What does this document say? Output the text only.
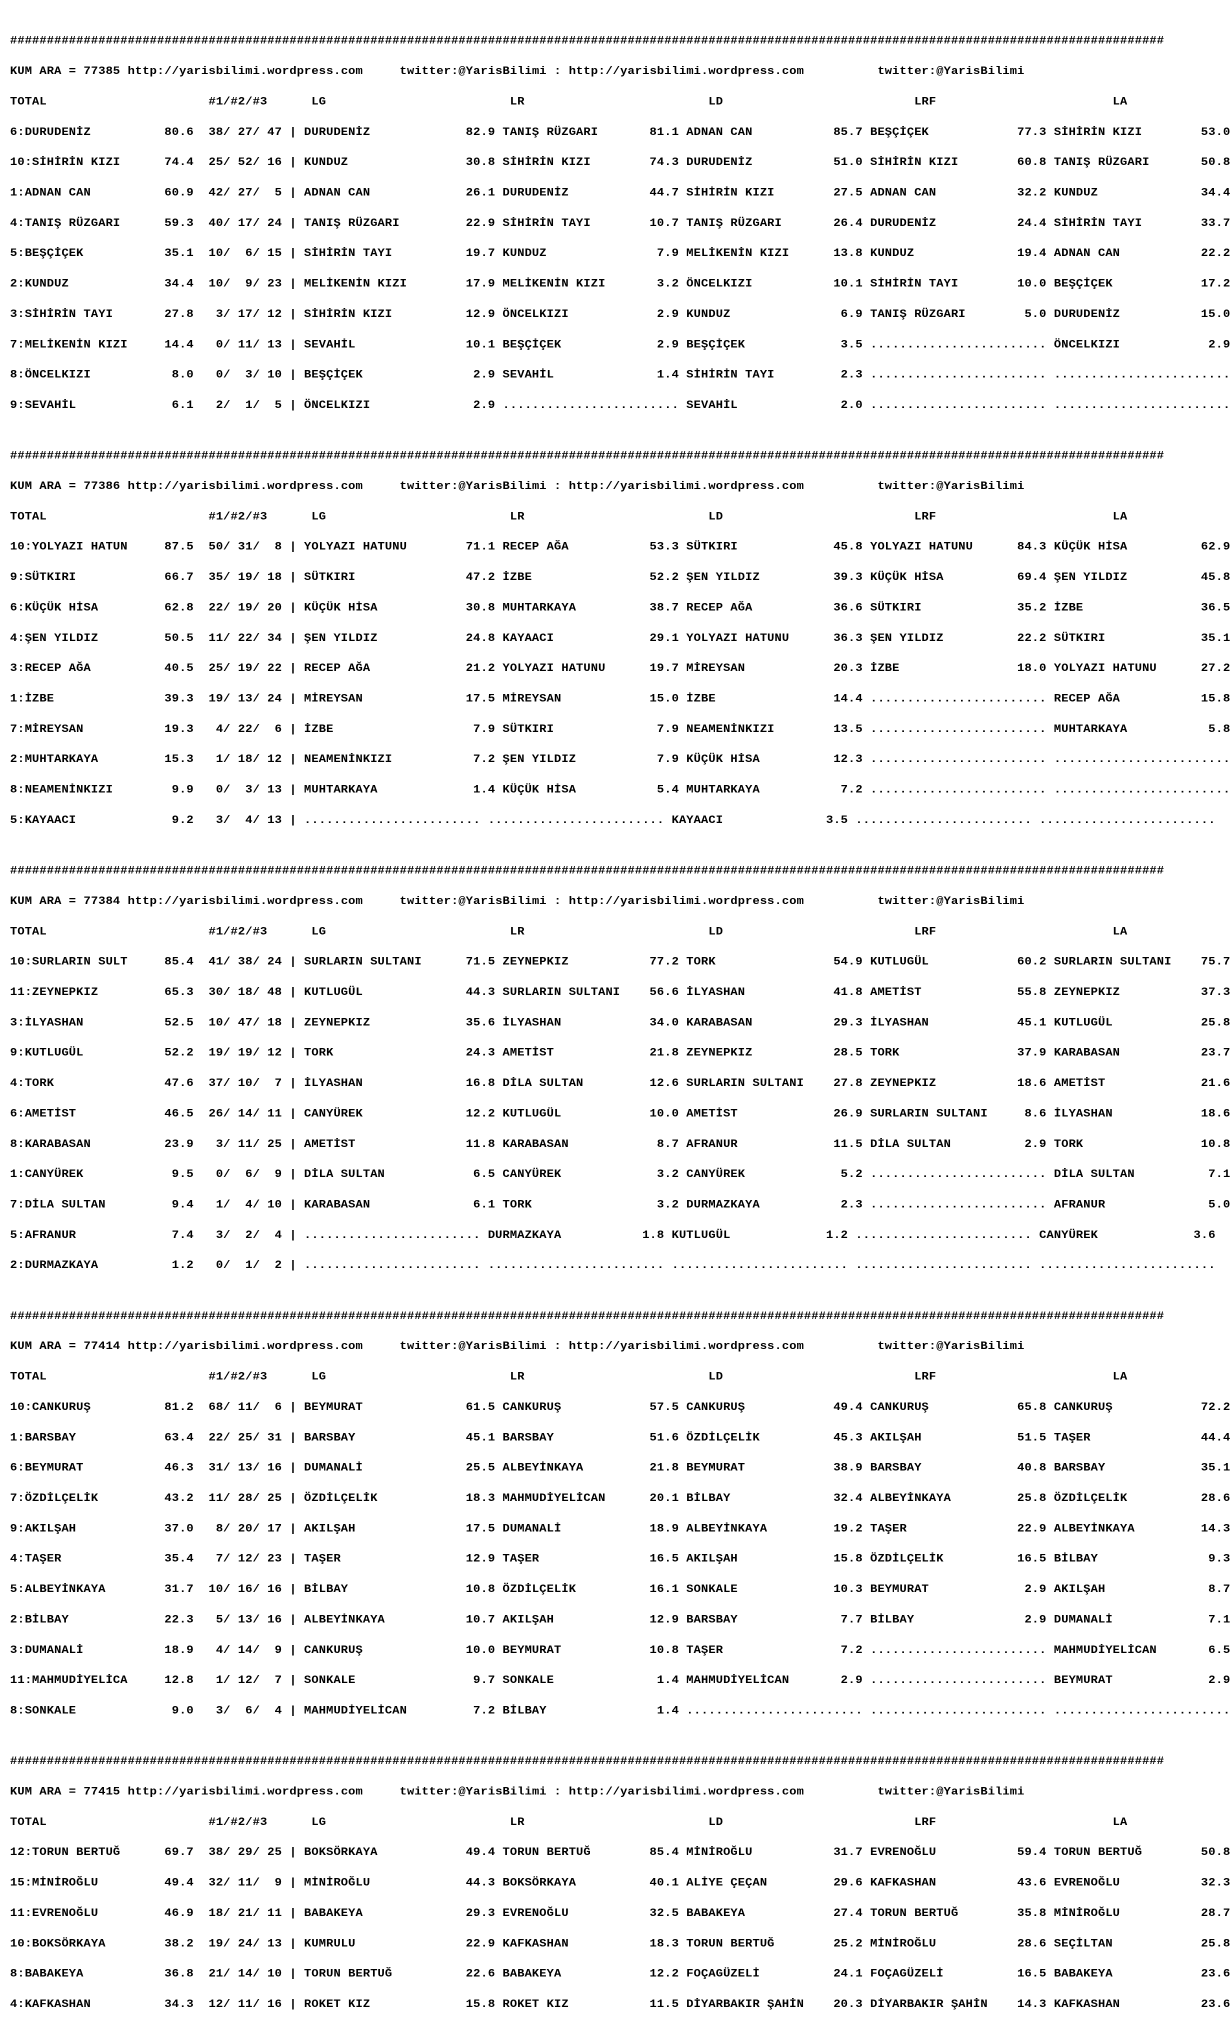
#############################################################################################################################################################

KUM ARA = 77385 http://yarisbilimi.wordpress.com     twitter:@YarisBilimi : http://yarisbilimi.wordpress.com          twitter:@YarisBilimi

TOTAL                      #1/#2/#3      LG                         LR                         LD                          LRF                        LA

6:DURUDENİZ          80.6  38/ 27/ 47 | DURUDENİZ             82.9 TANIŞ RÜZGARI       81.1 ADNAN CAN           85.7 BEŞÇİÇEK            77.3 SİHİRİN KIZI        53.0

10:SİHİRİN KIZI      74.4  25/ 52/ 16 | KUNDUZ                30.8 SİHİRİN KIZI        74.3 DURUDENİZ           51.0 SİHİRİN KIZI        60.8 TANIŞ RÜZGARI       50.8

1:ADNAN CAN          60.9  42/ 27/  5 | ADNAN CAN             26.1 DURUDENİZ           44.7 SİHİRİN KIZI        27.5 ADNAN CAN           32.2 KUNDUZ              34.4

4:TANIŞ RÜZGARI      59.3  40/ 17/ 24 | TANIŞ RÜZGARI         22.9 SİHİRİN TAYI        10.7 TANIŞ RÜZGARI       26.4 DURUDENİZ           24.4 SİHİRİN TAYI        33.7

5:BEŞÇİÇEK           35.1  10/  6/ 15 | SİHİRİN TAYI          19.7 KUNDUZ               7.9 MELİKENİN KIZI      13.8 KUNDUZ              19.4 ADNAN CAN           22.2

2:KUNDUZ             34.4  10/  9/ 23 | MELİKENİN KIZI        17.9 MELİKENİN KIZI       3.2 ÖNCELKIZI           10.1 SİHİRİN TAYI        10.0 BEŞÇİÇEK            17.2

3:SİHİRİN TAYI       27.8   3/ 17/ 12 | SİHİRİN KIZI          12.9 ÖNCELKIZI            2.9 KUNDUZ               6.9 TANIŞ RÜZGARI        5.0 DURUDENİZ           15.0

7:MELİKENİN KIZI     14.4   0/ 11/ 13 | SEVAHİL               10.1 BEŞÇİÇEK             2.9 BEŞÇİÇEK             3.5 ........................ ÖNCELKIZI            2.9

8:ÖNCELKIZI           8.0   0/  3/ 10 | BEŞÇİÇEK               2.9 SEVAHİL              1.4 SİHİRİN TAYI         2.3 ........................ ........................

9:SEVAHİL             6.1   2/  1/  5 | ÖNCELKIZI              2.9 ........................ SEVAHİL              2.0 ........................ ........................

#############################################################################################################################################################

KUM ARA = 77386 http://yarisbilimi.wordpress.com     twitter:@YarisBilimi : http://yarisbilimi.wordpress.com          twitter:@YarisBilimi

TOTAL                      #1/#2/#3      LG                         LR                         LD                          LRF                        LA

10:YOLYAZI HATUN     87.5  50/ 31/  8 | YOLYAZI HATUNU        71.1 RECEP AĞA           53.3 SÜTKIRI             45.8 YOLYAZI HATUNU      84.3 KÜÇÜK HİSA          62.9

9:SÜTKIRI            66.7  35/ 19/ 18 | SÜTKIRI               47.2 İZBE                52.2 ŞEN YILDIZ          39.3 KÜÇÜK HİSA          69.4 ŞEN YILDIZ          45.8

6:KÜÇÜK HİSA         62.8  22/ 19/ 20 | KÜÇÜK HİSA            30.8 MUHTARKAYA          38.7 RECEP AĞA           36.6 SÜTKIRI             35.2 İZBE                36.5

4:ŞEN YILDIZ         50.5  11/ 22/ 34 | ŞEN YILDIZ            24.8 KAYAACI             29.1 YOLYAZI HATUNU      36.3 ŞEN YILDIZ          22.2 SÜTKIRI             35.1

3:RECEP AĞA          40.5  25/ 19/ 22 | RECEP AĞA             21.2 YOLYAZI HATUNU      19.7 MİREYSAN            20.3 İZBE                18.0 YOLYAZI HATUNU      27.2

1:İZBE               39.3  19/ 13/ 24 | MİREYSAN              17.5 MİREYSAN            15.0 İZBE                14.4 ........................ RECEP AĞA           15.8

7:MİREYSAN           19.3   4/ 22/  6 | İZBE                   7.9 SÜTKIRI              7.9 NEAMENİNKIZI        13.5 ........................ MUHTARKAYA           5.8

2:MUHTARKAYA         15.3   1/ 18/ 12 | NEAMENİNKIZI           7.2 ŞEN YILDIZ           7.9 KÜÇÜK HİSA          12.3 ........................ ........................

8:NEAMENİNKIZI        9.9   0/  3/ 13 | MUHTARKAYA             1.4 KÜÇÜK HİSA           5.4 MUHTARKAYA           7.2 ........................ ........................

5:KAYAACI             9.2   3/  4/ 13 | ........................ ........................ KAYAACI              3.5 ........................ ........................

#############################################################################################################################################################

KUM ARA = 77384 http://yarisbilimi.wordpress.com     twitter:@YarisBilimi : http://yarisbilimi.wordpress.com          twitter:@YarisBilimi

TOTAL                      #1/#2/#3      LG                         LR                         LD                          LRF                        LA

10:SURLARIN SULT     85.4  41/ 38/ 24 | SURLARIN SULTANI      71.5 ZEYNEPKIZ           77.2 TORK                54.9 KUTLUGÜL            60.2 SURLARIN SULTANI    75.7

11:ZEYNEPKIZ         65.3  30/ 18/ 48 | KUTLUGÜL              44.3 SURLARIN SULTANI    56.6 İLYASHAN            41.8 AMETİST             55.8 ZEYNEPKIZ           37.3

3:İLYASHAN           52.5  10/ 47/ 18 | ZEYNEPKIZ             35.6 İLYASHAN            34.0 KARABASAN           29.3 İLYASHAN            45.1 KUTLUGÜL            25.8

9:KUTLUGÜL           52.2  19/ 19/ 12 | TORK                  24.3 AMETİST             21.8 ZEYNEPKIZ           28.5 TORK                37.9 KARABASAN           23.7

4:TORK               47.6  37/ 10/  7 | İLYASHAN              16.8 DİLA SULTAN         12.6 SURLARIN SULTANI    27.8 ZEYNEPKIZ           18.6 AMETİST             21.6

6:AMETİST            46.5  26/ 14/ 11 | CANYÜREK              12.2 KUTLUGÜL            10.0 AMETİST             26.9 SURLARIN SULTANI     8.6 İLYASHAN            18.6

8:KARABASAN          23.9   3/ 11/ 25 | AMETİST               11.8 KARABASAN            8.7 AFRANUR             11.5 DİLA SULTAN          2.9 TORK                10.8

1:CANYÜREK            9.5   0/  6/  9 | DİLA SULTAN            6.5 CANYÜREK             3.2 CANYÜREK             5.2 ........................ DİLA SULTAN          7.1

7:DİLA SULTAN         9.4   1/  4/ 10 | KARABASAN              6.1 TORK                 3.2 DURMAZKAYA           2.3 ........................ AFRANUR              5.0

5:AFRANUR             7.4   3/  2/  4 | ........................ DURMAZKAYA           1.8 KUTLUGÜL             1.2 ........................ CANYÜREK             3.6

2:DURMAZKAYA          1.2   0/  1/  2 | ........................ ........................ ........................ ........................ ........................

#############################################################################################################################################################

KUM ARA = 77414 http://yarisbilimi.wordpress.com     twitter:@YarisBilimi : http://yarisbilimi.wordpress.com          twitter:@YarisBilimi

TOTAL                      #1/#2/#3      LG                         LR                         LD                          LRF                        LA

10:CANKURUŞ          81.2  68/ 11/  6 | BEYMURAT              61.5 CANKURUŞ            57.5 CANKURUŞ            49.4 CANKURUŞ            65.8 CANKURUŞ            72.2

1:BARSBAY            63.4  22/ 25/ 31 | BARSBAY               45.1 BARSBAY             51.6 ÖZDİLÇELİK          45.3 AKILŞAH             51.5 TAŞER               44.4

6:BEYMURAT           46.3  31/ 13/ 16 | DUMANALİ              25.5 ALBEYİNKAYA         21.8 BEYMURAT            38.9 BARSBAY             40.8 BARSBAY             35.1

7:ÖZDİLÇELİK         43.2  11/ 28/ 25 | ÖZDİLÇELİK            18.3 MAHMUDİYELİCAN      20.1 BİLBAY              32.4 ALBEYİNKAYA         25.8 ÖZDİLÇELİK          28.6

9:AKILŞAH            37.0   8/ 20/ 17 | AKILŞAH               17.5 DUMANALİ            18.9 ALBEYİNKAYA         19.2 TAŞER               22.9 ALBEYİNKAYA         14.3

4:TAŞER              35.4   7/ 12/ 23 | TAŞER                 12.9 TAŞER               16.5 AKILŞAH             15.8 ÖZDİLÇELİK          16.5 BİLBAY               9.3

5:ALBEYİNKAYA        31.7  10/ 16/ 16 | BİLBAY                10.8 ÖZDİLÇELİK          16.1 SONKALE             10.3 BEYMURAT             2.9 AKILŞAH              8.7

2:BİLBAY             22.3   5/ 13/ 16 | ALBEYİNKAYA           10.7 AKILŞAH             12.9 BARSBAY              7.7 BİLBAY               2.9 DUMANALİ             7.1

3:DUMANALİ           18.9   4/ 14/  9 | CANKURUŞ              10.0 BEYMURAT            10.8 TAŞER                7.2 ........................ MAHMUDİYELİCAN       6.5

11:MAHMUDİYELİCA     12.8   1/ 12/  7 | SONKALE                9.7 SONKALE              1.4 MAHMUDİYELİCAN       2.9 ........................ BEYMURAT             2.9

8:SONKALE             9.0   3/  6/  4 | MAHMUDİYELİCAN         7.2 BİLBAY               1.4 ........................ ........................ ........................

#############################################################################################################################################################

KUM ARA = 77415 http://yarisbilimi.wordpress.com     twitter:@YarisBilimi : http://yarisbilimi.wordpress.com          twitter:@YarisBilimi

TOTAL                      #1/#2/#3      LG                         LR                         LD                          LRF                        LA

12:TORUN BERTUĞ      69.7  38/ 29/ 25 | BOKSÖRKAYA            49.4 TORUN BERTUĞ        85.4 MİNİROĞLU           31.7 EVRENOĞLU           59.4 TORUN BERTUĞ        50.8

15:MİNİROĞLU         49.4  32/ 11/  9 | MİNİROĞLU             44.3 BOKSÖRKAYA          40.1 ALİYE ÇEÇAN         29.6 KAFKASHAN           43.6 EVRENOĞLU           32.3

11:EVRENOĞLU         46.9  18/ 21/ 11 | BABAKEYA              29.3 EVRENOĞLU           32.5 BABAKEYA            27.4 TORUN BERTUĞ        35.8 MİNİROĞLU           28.7

10:BOKSÖRKAYA        38.2  19/ 24/ 13 | KUMRULU               22.9 KAFKASHAN           18.3 TORUN BERTUĞ        25.2 MİNİROĞLU           28.6 SEÇİLTAN            25.8

8:BABAKEYA           36.8  21/ 14/ 10 | TORUN BERTUĞ          22.6 BABAKEYA            12.2 FOÇAGÜZELİ          24.1 FOÇAGÜZELİ          16.5 BABAKEYA            23.6

4:KAFKASHAN          34.3  12/ 11/ 16 | ROKET KIZ             15.8 ROKET KIZ           11.5 DİYARBAKIR ŞAHİN    20.3 DİYARBAKIR ŞAHİN    14.3 KAFKASHAN           23.6
